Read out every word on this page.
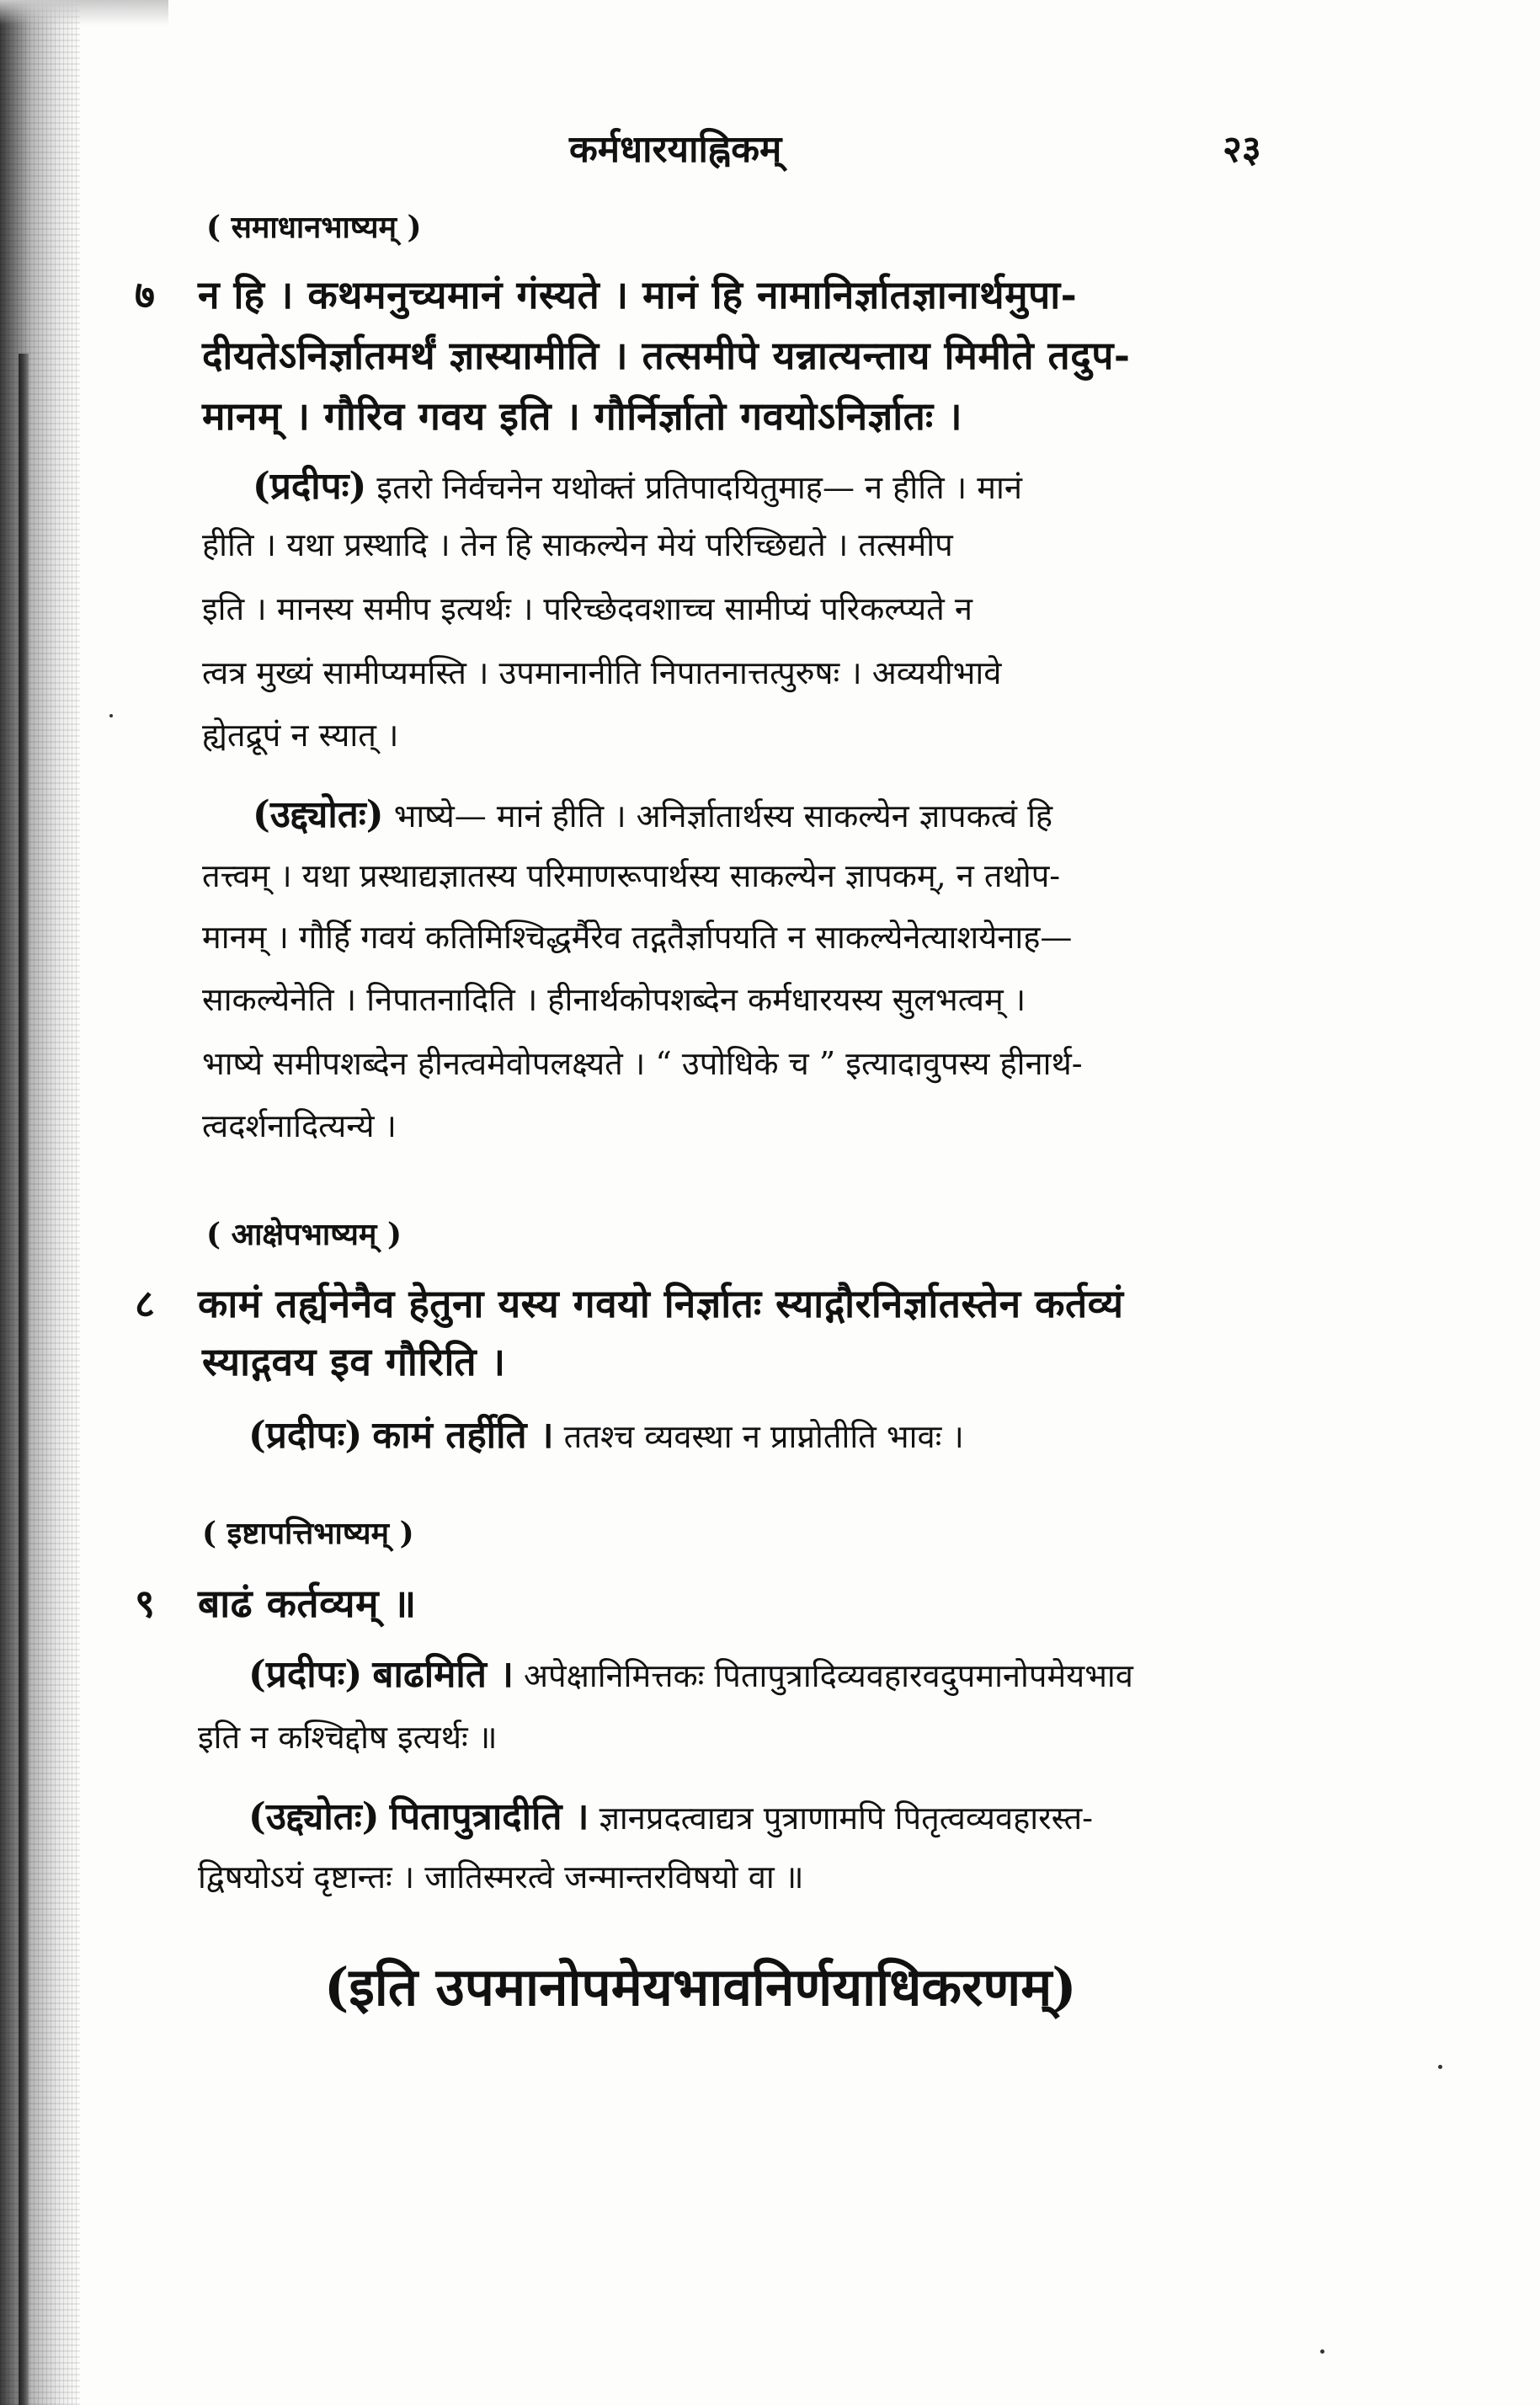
कर्मधारयाह्निकम्	२३
( समाधानभाष्यम् )
७ न हि । कथमनुच्यमानं गंस्यते । मानं हि नामानिर्ज्ञातज्ञानार्थमुपा-
दीयतेऽनिर्ज्ञातमर्थं ज्ञास्यामीति । तत्समीपे यन्नात्यन्ताय मिमीते तदुप-
मानम् । गौरिव गवय इति । गौर्निर्ज्ञातो गवयोऽनिर्ज्ञातः ।
(प्रदीपः) इतरो निर्वचनेन यथोक्तं प्रतिपादयितुमाह— न हीति । मानं
हीति । यथा प्रस्थादि । तेन हि साकल्येन मेयं परिच्छिद्यते । तत्समीप
इति । मानस्य समीप इत्यर्थः । परिच्छेदवशाच्च सामीप्यं परिकल्प्यते न
त्वत्र मुख्यं सामीप्यमस्ति । उपमानानीति निपातनात्तत्पुरुषः । अव्ययीभावे
ह्येतद्रूपं न स्यात् ।
(उद्द्योतः) भाष्ये— मानं हीति । अनिर्ज्ञातार्थस्य साकल्येन ज्ञापकत्वं हि
तत्त्वम् । यथा प्रस्थाद्यज्ञातस्य परिमाणरूपार्थस्य साकल्येन ज्ञापकम्, न तथोप-
मानम् । गौर्हि गवयं कतिमिश्चिद्धर्मैरेव तद्गतैर्ज्ञापयति न साकल्येनेत्याशयेनाह—
साकल्येनेति । निपातनादिति । हीनार्थकोपशब्देन कर्मधारयस्य सुलभत्वम् ।
भाष्ये समीपशब्देन हीनत्वमेवोपलक्ष्यते । “ उपोधिके च ” इत्यादावुपस्य हीनार्थ-
त्वदर्शनादित्यन्ये ।
( आक्षेपभाष्यम् )
८ कामं तर्ह्यनेनैव हेतुना यस्य गवयो निर्ज्ञातः स्याद्गौरनिर्ज्ञातस्तेन कर्तव्यं
स्याद्गवय इव गौरिति ।
(प्रदीपः) कामं तर्हीति । ततश्च व्यवस्था न प्राप्नोतीति भावः ।
( इष्टापत्तिभाष्यम् )
९ बाढं कर्तव्यम् ॥
(प्रदीपः) बाढमिति । अपेक्षानिमित्तकः पितापुत्रादिव्यवहारवदुपमानोपमेयभाव
इति न कश्चिद्दोष इत्यर्थः ॥
(उद्द्योतः) पितापुत्रादीति । ज्ञानप्रदत्वाद्यत्र पुत्राणामपि पितृत्वव्यवहारस्त-
द्विषयोऽयं दृष्टान्तः । जातिस्मरत्वे जन्मान्तरविषयो वा ॥
(इति उपमानोपमेयभावनिर्णयाधिकरणम्)
